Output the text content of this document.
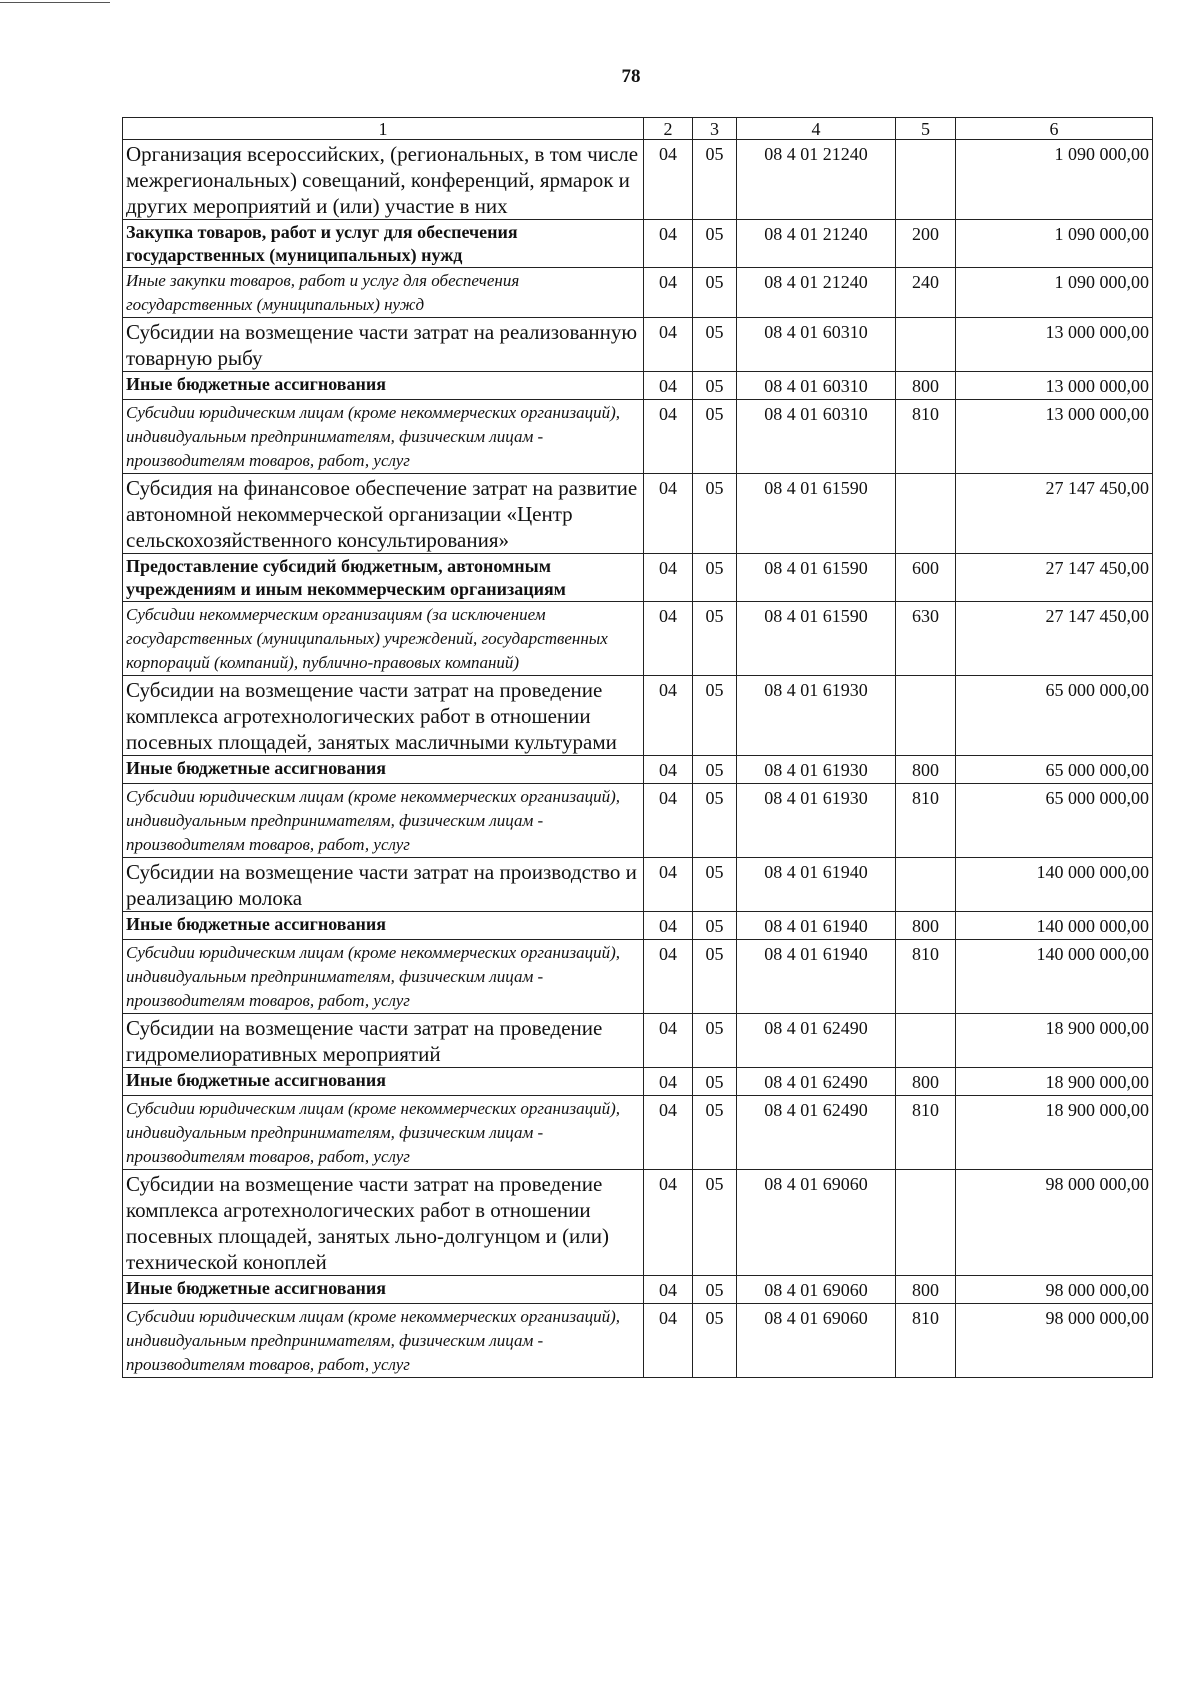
78
1	2	3	4	5	6
Организация всероссийских, (региональных, в том числе межрегиональных) совещаний, конференций, ярмарок и других мероприятий и (или) участие в них	04	05	08 4 01 21240		1 090 000,00
Закупка товаров, работ и услуг для обеспечения государственных (муниципальных) нужд	04	05	08 4 01 21240	200	1 090 000,00
Иные закупки товаров, работ и услуг для обеспечения государственных (муниципальных) нужд	04	05	08 4 01 21240	240	1 090 000,00
Субсидии на возмещение части затрат на реализованную товарную рыбу	04	05	08 4 01 60310		13 000 000,00
Иные бюджетные ассигнования	04	05	08 4 01 60310	800	13 000 000,00
Субсидии юридическим лицам (кроме некоммерческих организаций), индивидуальным предпринимателям, физическим лицам - производителям товаров, работ, услуг	04	05	08 4 01 60310	810	13 000 000,00
Субсидия на финансовое обеспечение затрат на развитие автономной некоммерческой организации «Центр сельскохозяйственного консультирования»	04	05	08 4 01 61590		27 147 450,00
Предоставление субсидий бюджетным, автономным учреждениям и иным некоммерческим организациям	04	05	08 4 01 61590	600	27 147 450,00
Субсидии некоммерческим организациям (за исключением государственных (муниципальных) учреждений, государственных корпораций (компаний), публично-правовых компаний)	04	05	08 4 01 61590	630	27 147 450,00
Субсидии на возмещение части затрат на проведение комплекса агротехнологических работ в отношении посевных площадей, занятых масличными культурами	04	05	08 4 01 61930		65 000 000,00
Иные бюджетные ассигнования	04	05	08 4 01 61930	800	65 000 000,00
Субсидии юридическим лицам (кроме некоммерческих организаций), индивидуальным предпринимателям, физическим лицам - производителям товаров, работ, услуг	04	05	08 4 01 61930	810	65 000 000,00
Субсидии на возмещение части затрат на производство и реализацию молока	04	05	08 4 01 61940		140 000 000,00
Иные бюджетные ассигнования	04	05	08 4 01 61940	800	140 000 000,00
Субсидии юридическим лицам (кроме некоммерческих организаций), индивидуальным предпринимателям, физическим лицам - производителям товаров, работ, услуг	04	05	08 4 01 61940	810	140 000 000,00
Субсидии на возмещение части затрат на проведение гидромелиоративных мероприятий	04	05	08 4 01 62490		18 900 000,00
Иные бюджетные ассигнования	04	05	08 4 01 62490	800	18 900 000,00
Субсидии юридическим лицам (кроме некоммерческих организаций), индивидуальным предпринимателям, физическим лицам - производителям товаров, работ, услуг	04	05	08 4 01 62490	810	18 900 000,00
Субсидии на возмещение части затрат на проведение комплекса агротехнологических работ в отношении посевных площадей, занятых льно-долгунцом и (или) технической коноплей	04	05	08 4 01 69060		98 000 000,00
Иные бюджетные ассигнования	04	05	08 4 01 69060	800	98 000 000,00
Субсидии юридическим лицам (кроме некоммерческих организаций), индивидуальным предпринимателям, физическим лицам - производителям товаров, работ, услуг	04	05	08 4 01 69060	810	98 000 000,00
